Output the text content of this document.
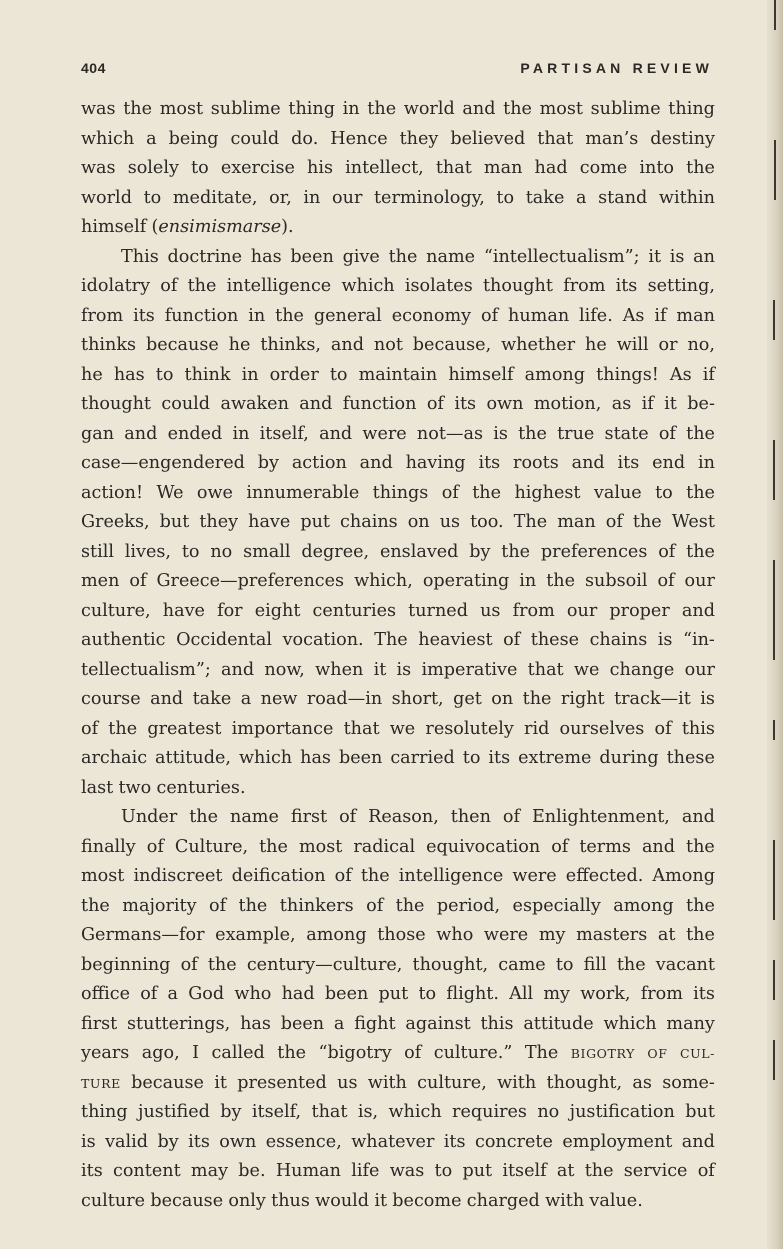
404	PARTISAN REVIEW
was the most sublime thing in the world and the most sublime thing
which a being could do. Hence they believed that man’s destiny
was solely to exercise his intellect, that man had come into the
world to meditate, or, in our terminology, to take a stand within
himself ( ensimismarse ).
This doctrine has been give the name “intellectualism”; it is an
idolatry of the intelligence which isolates thought from its setting,
from its function in the general economy of human life. As if man
thinks because he thinks, and not because, whether he will or no,
he has to think in order to maintain himself among things! As if
thought could awaken and function of its own motion, as if it be-
gan and ended in itself, and were not—as is the true state of the
case—engendered by action and having its roots and its end in
action! We owe innumerable things of the highest value to the
Greeks, but they have put chains on us too. The man of the West
still lives, to no small degree, enslaved by the preferences of the
men of Greece—preferences which, operating in the subsoil of our
culture, have for eight centuries turned us from our proper and
authentic Occidental vocation. The heaviest of these chains is “in-
tellectualism”; and now, when it is imperative that we change our
course and take a new road—in short, get on the right track—it is
of the greatest importance that we resolutely rid ourselves of this
archaic attitude, which has been carried to its extreme during these
last two centuries.
Under the name first of Reason, then of Enlightenment, and
finally of Culture, the most radical equivocation of terms and the
most indiscreet deification of the intelligence were effected. Among
the majority of the thinkers of the period, especially among the
Germans—for example, among those who were my masters at the
beginning of the century—culture, thought, came to fill the vacant
office of a God who had been put to flight. All my work, from its
first stutterings, has been a fight against this attitude which many
years ago, I called the “bigotry of culture.” The BIGOTRY OF CUL-
TURE because it presented us with culture, with thought, as some-
thing justified by itself, that is, which requires no justification but
is valid by its own essence, whatever its concrete employment and
its content may be. Human life was to put itself at the service of
culture because only thus would it become charged with value.
